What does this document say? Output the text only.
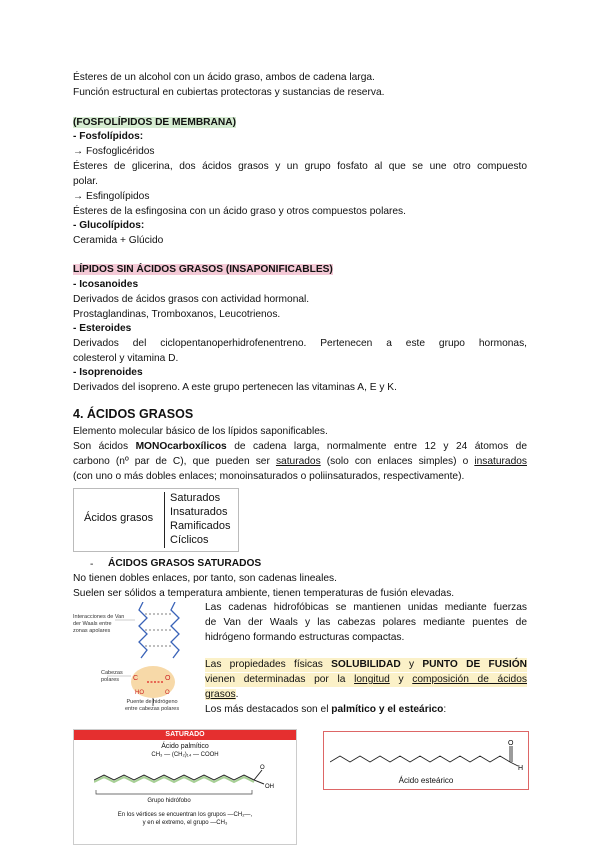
Ésteres de un alcohol con un ácido graso, ambos de cadena larga.
Función estructural en cubiertas protectoras y sustancias de reserva.
(FOSFOLÍPIDOS DE MEMBRANA)
- Fosfolípidos:
→ Fosfoglicéridos
Ésteres de glicerina, dos ácidos grasos y un grupo fosfato al que se une otro compuesto
polar.
→ Esfingolípidos
Ésteres de la esfingosina con un ácido graso y otros compuestos polares.
- Glucolípidos:
Ceramida + Glúcido
LÍPIDOS SIN ÁCIDOS GRASOS (INSAPONIFICABLES)
- Icosanoides
Derivados de ácidos grasos con actividad hormonal.
Prostaglandinas, Tromboxanos, Leucotrienos.
- Esteroides
Derivados del ciclopentanoperhidrofenentreno. Pertenecen a este grupo hormonas,
colesterol y vitamina D.
- Isoprenoides
Derivados del isopreno. A este grupo pertenecen las vitaminas A, E y K.
4. ÁCIDOS GRASOS
Elemento molecular básico de los lípidos saponificables.
Son ácidos MONOcarboxílicos de cadena larga, normalmente entre 12 y 24 átomos de
carbono (nº par de C), que pueden ser saturados (solo con enlaces simples) o insaturados
(con uno o más dobles enlaces; monoinsaturados o poliinsaturados, respectivamente).
Ácidos grasos
Saturados
Insaturados
Ramificados
Cíclicos
- ÁCIDOS GRASOS SATURADOS
No tienen dobles enlaces, por tanto, son cadenas lineales.
Suelen ser sólidos a temperatura ambiente, tienen temperaturas de fusión elevadas.
C	O
HO	O
Interacciones de Van
der Waals entre
zonas apolares
Cabezas
polares
Puente de hidrógeno
entre cabezas polares
Las cadenas hidrofóbicas se mantienen unidas mediante fuerzas
de Van der Waals y las cabezas polares mediante puentes de
hidrógeno formando estructuras compactas.
Las propiedades físicas SOLUBILIDAD y PUNTO DE FUSIÓN
vienen determinadas por la longitud y composición de ácidos
grasos.
Los más destacados son el palmítico y el esteárico:
SATURADO
Ácido palmítico
CH₃ — (CH₂)₁₄ — COOH
O
OH
Grupo hidrófobo
En los vértices se encuentran los grupos —CH₂—,
y en el extremo, el grupo —CH₃
O
H
Ácido esteárico
